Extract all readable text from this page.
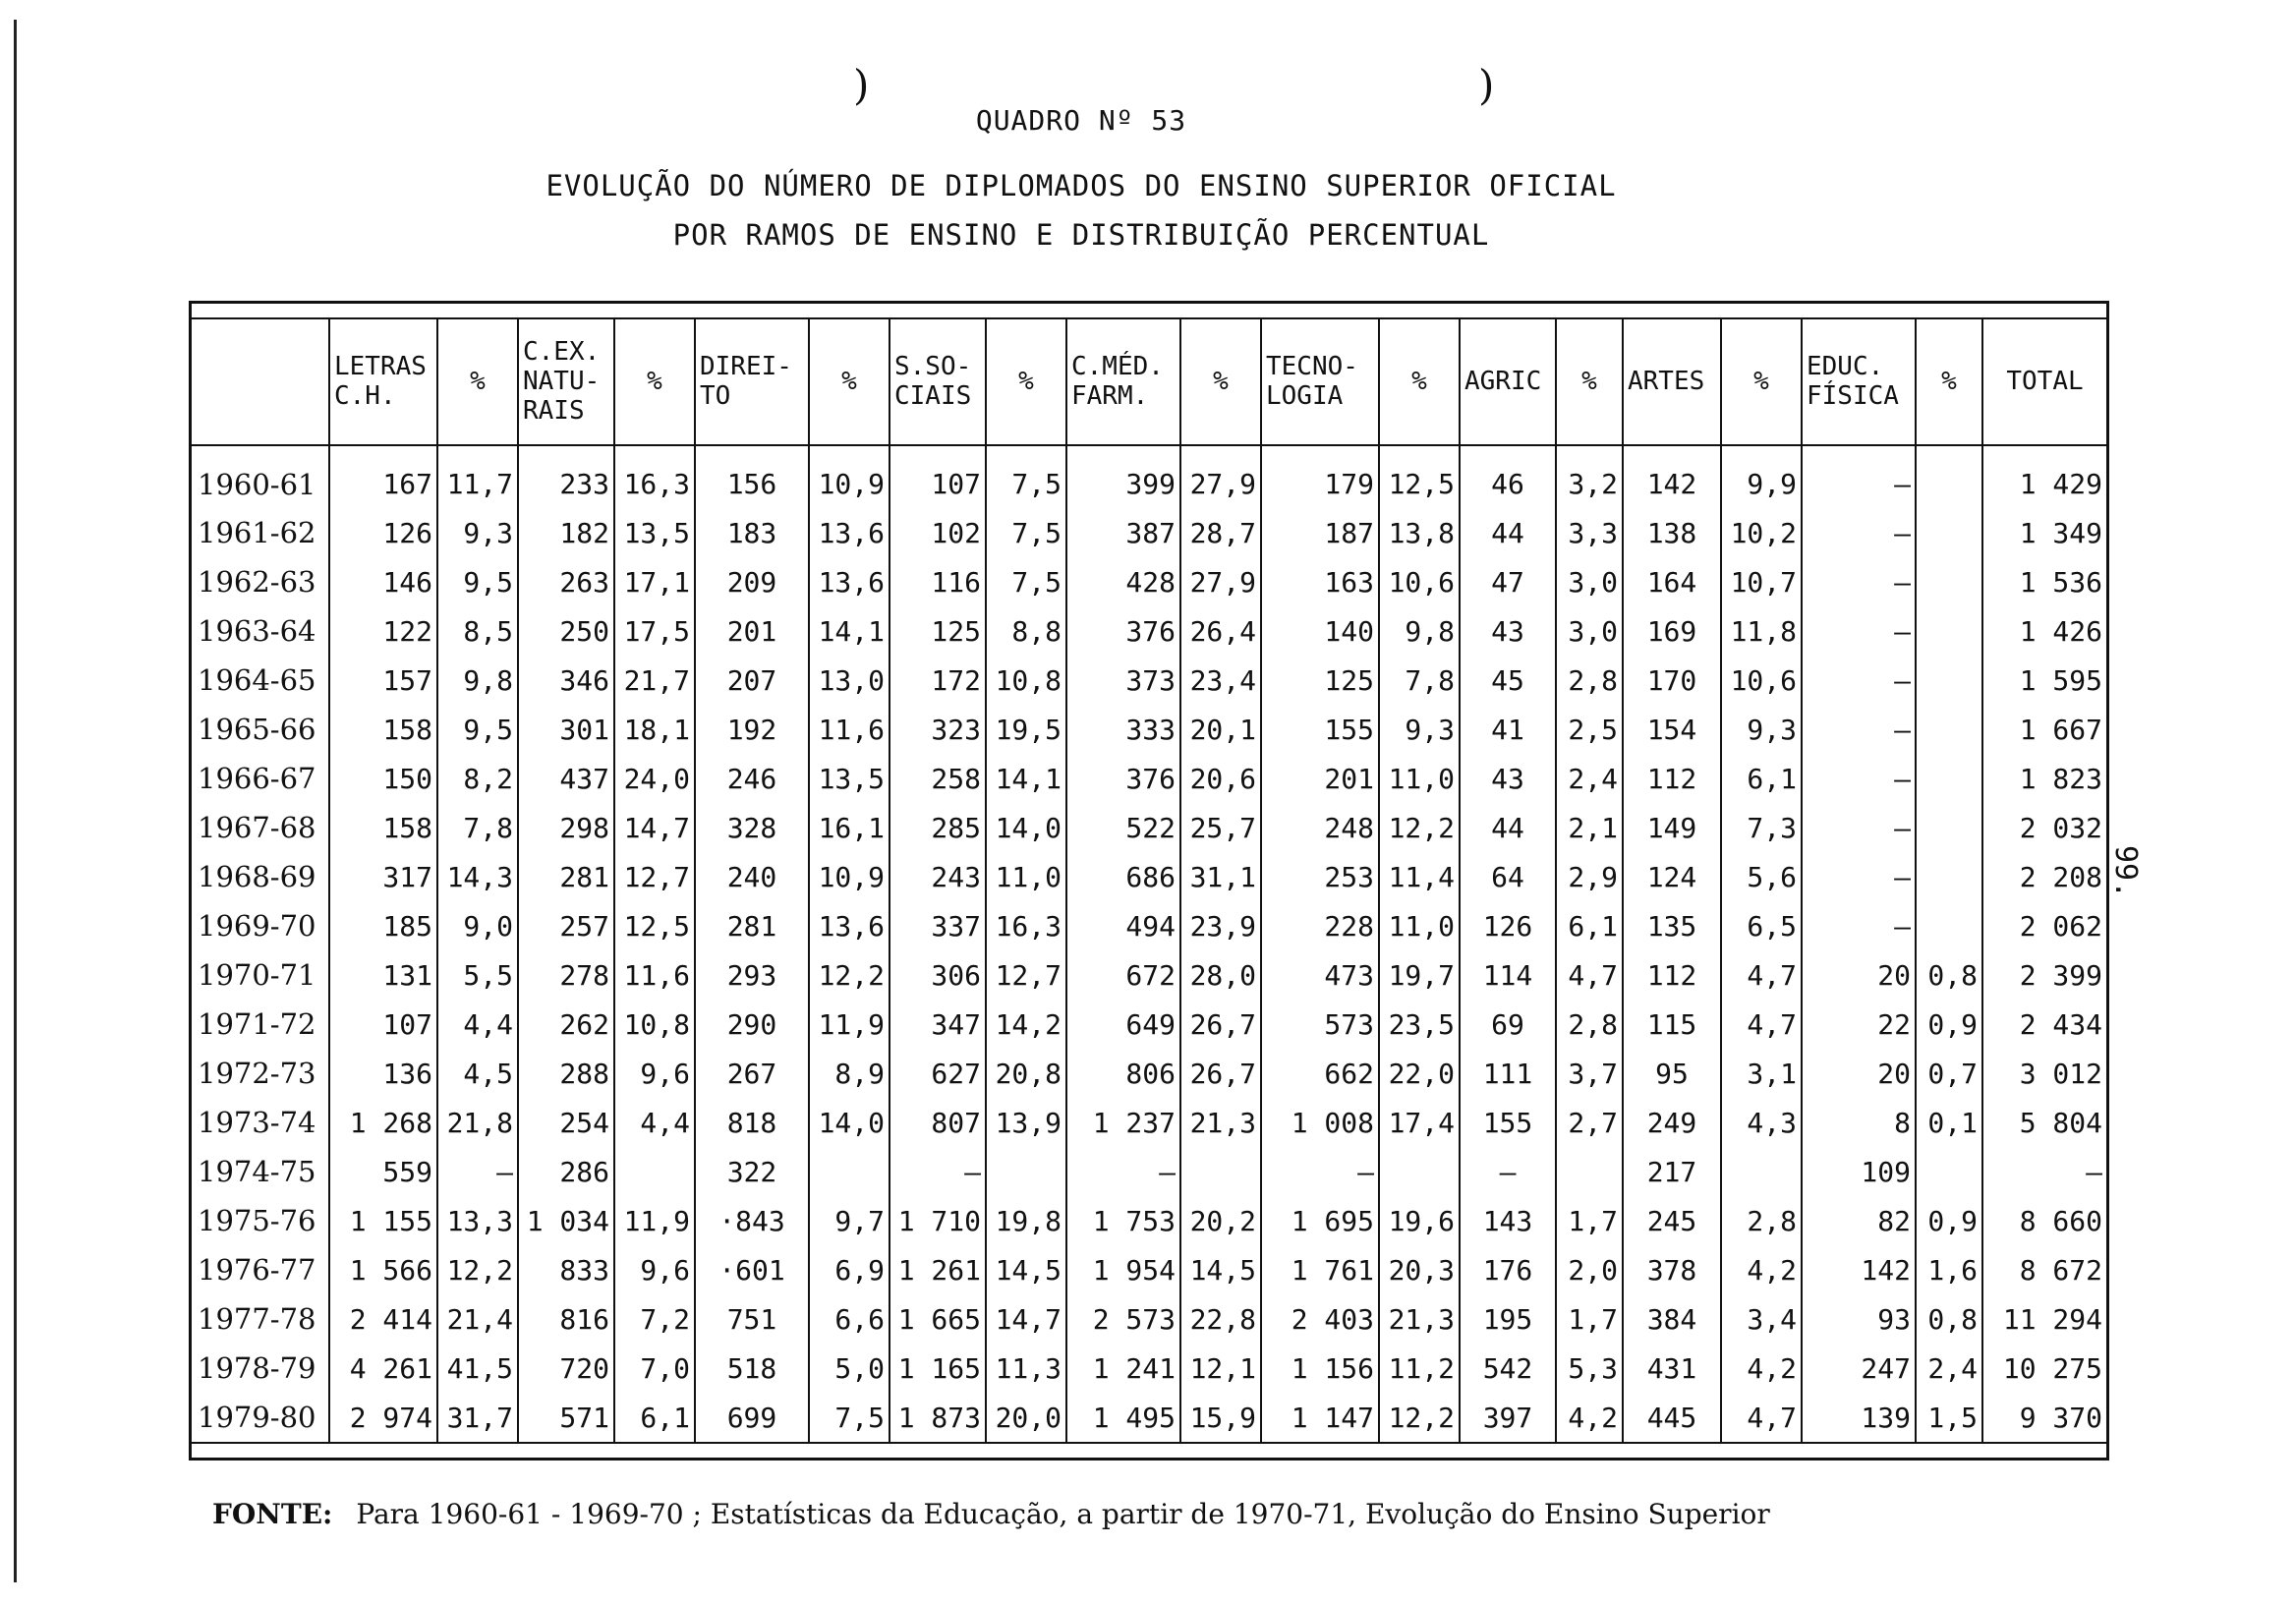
)	)
QUADRO Nº 53
EVOLUÇÃO DO NÚMERO DE DIPLOMADOS DO ENSINO SUPERIOR OFICIAL
POR RAMOS DE ENSINO E DISTRIBUIÇÃO PERCENTUAL
99.
	LETRAS
C.H.	%	C.EX.
NATU-
RAIS	%	DIREI-
TO	%	S.SO-
CIAIS	%	C.MÉD.
FARM.	%	TECNO-
LOGIA	%	AGRIC	%	ARTES	%	EDUC.
FÍSICA	%	TOTAL
1960-61	167	11,7	233	16,3	156	10,9	107	7,5	399	27,9	179	12,5	46	3,2	142	9,9	—		1 429
1961-62	126	9,3	182	13,5	183	13,6	102	7,5	387	28,7	187	13,8	44	3,3	138	10,2	—		1 349
1962-63	146	9,5	263	17,1	209	13,6	116	7,5	428	27,9	163	10,6	47	3,0	164	10,7	—		1 536
1963-64	122	8,5	250	17,5	201	14,1	125	8,8	376	26,4	140	9,8	43	3,0	169	11,8	—		1 426
1964-65	157	9,8	346	21,7	207	13,0	172	10,8	373	23,4	125	7,8	45	2,8	170	10,6	—		1 595
1965-66	158	9,5	301	18,1	192	11,6	323	19,5	333	20,1	155	9,3	41	2,5	154	9,3	—		1 667
1966-67	150	8,2	437	24,0	246	13,5	258	14,1	376	20,6	201	11,0	43	2,4	112	6,1	—		1 823
1967-68	158	7,8	298	14,7	328	16,1	285	14,0	522	25,7	248	12,2	44	2,1	149	7,3	—		2 032
1968-69	317	14,3	281	12,7	240	10,9	243	11,0	686	31,1	253	11,4	64	2,9	124	5,6	—		2 208
1969-70	185	9,0	257	12,5	281	13,6	337	16,3	494	23,9	228	11,0	126	6,1	135	6,5	—		2 062
1970-71	131	5,5	278	11,6	293	12,2	306	12,7	672	28,0	473	19,7	114	4,7	112	4,7	20	0,8	2 399
1971-72	107	4,4	262	10,8	290	11,9	347	14,2	649	26,7	573	23,5	69	2,8	115	4,7	22	0,9	2 434
1972-73	136	4,5	288	9,6	267	8,9	627	20,8	806	26,7	662	22,0	111	3,7	95	3,1	20	0,7	3 012
1973-74	1 268	21,8	254	4,4	818	14,0	807	13,9	1 237	21,3	1 008	17,4	155	2,7	249	4,3	8	0,1	5 804
1974-75	559	—	286		322		—		—		—		—		217		109		—
1975-76	1 155	13,3	1 034	11,9	·843	9,7	1 710	19,8	1 753	20,2	1 695	19,6	143	1,7	245	2,8	82	0,9	8 660
1976-77	1 566	12,2	833	9,6	·601	6,9	1 261	14,5	1 954	14,5	1 761	20,3	176	2,0	378	4,2	142	1,6	8 672
1977-78	2 414	21,4	816	7,2	751	6,6	1 665	14,7	2 573	22,8	2 403	21,3	195	1,7	384	3,4	93	0,8	11 294
1978-79	4 261	41,5	720	7,0	518	5,0	1 165	11,3	1 241	12,1	1 156	11,2	542	5,3	431	4,2	247	2,4	10 275
1979-80	2 974	31,7	571	6,1	699	7,5	1 873	20,0	1 495	15,9	1 147	12,2	397	4,2	445	4,7	139	1,5	9 370
FONTE: Para 1960-61 - 1969-70 ; Estatísticas da Educação, a partir de 1970-71, Evolução do Ensino Superior
